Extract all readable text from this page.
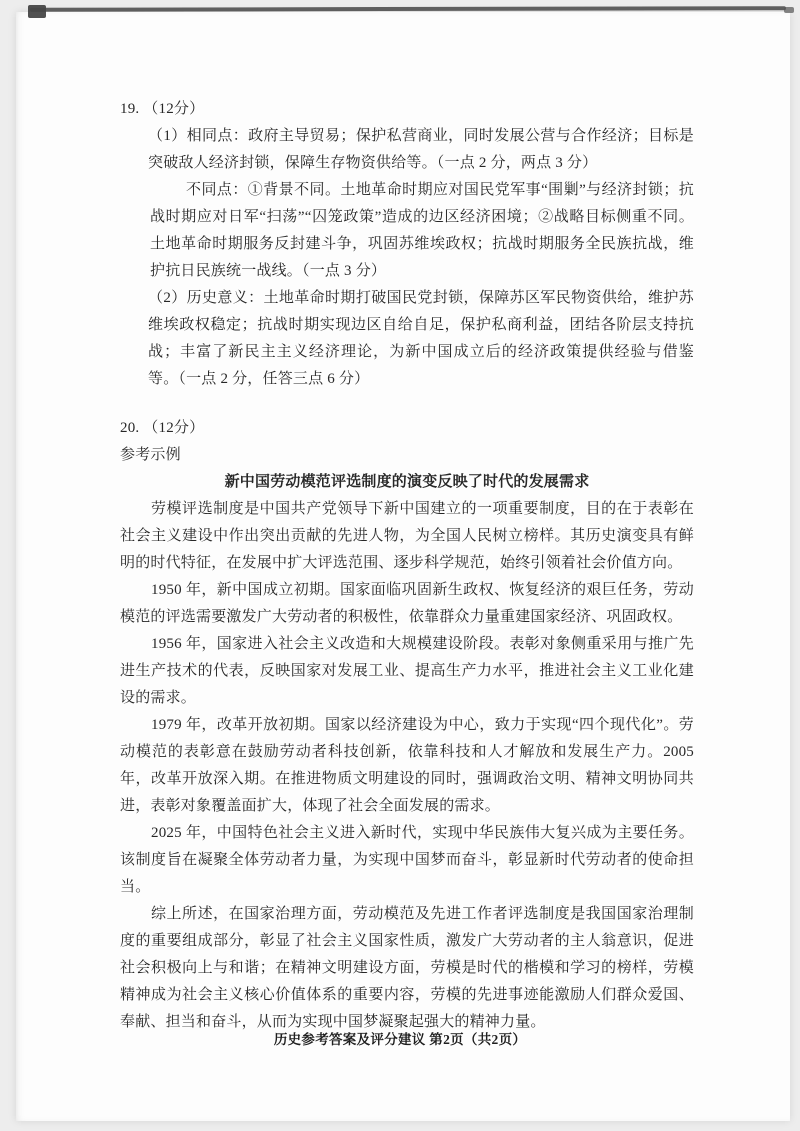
19. （12分）
（1）相同点：政府主导贸易；保护私营商业，同时发展公营与合作经济；目标是突破敌人经济封锁，保障生存物资供给等。（一点 2 分，两点 3 分）
不同点：①背景不同。土地革命时期应对国民党军事“围剿”与经济封锁；抗战时期应对日军“扫荡”“囚笼政策”造成的边区经济困境；②战略目标侧重不同。土地革命时期服务反封建斗争，巩固苏维埃政权；抗战时期服务全民族抗战，维护抗日民族统一战线。（一点 3 分）
（2）历史意义：土地革命时期打破国民党封锁，保障苏区军民物资供给，维护苏维埃政权稳定；抗战时期实现边区自给自足，保护私商利益，团结各阶层支持抗战；丰富了新民主主义经济理论，为新中国成立后的经济政策提供经验与借鉴等。（一点 2 分，任答三点 6 分）
20. （12分）
参考示例
新中国劳动模范评选制度的演变反映了时代的发展需求
劳模评选制度是中国共产党领导下新中国建立的一项重要制度，目的在于表彰在社会主义建设中作出突出贡献的先进人物，为全国人民树立榜样。其历史演变具有鲜明的时代特征，在发展中扩大评选范围、逐步科学规范，始终引领着社会价值方向。
1950 年，新中国成立初期。国家面临巩固新生政权、恢复经济的艰巨任务，劳动模范的评选需要激发广大劳动者的积极性，依靠群众力量重建国家经济、巩固政权。
1956 年，国家进入社会主义改造和大规模建设阶段。表彰对象侧重采用与推广先进生产技术的代表，反映国家对发展工业、提高生产力水平，推进社会主义工业化建设的需求。
1979 年，改革开放初期。国家以经济建设为中心，致力于实现“四个现代化”。劳动模范的表彰意在鼓励劳动者科技创新，依靠科技和人才解放和发展生产力。2005 年，改革开放深入期。在推进物质文明建设的同时，强调政治文明、精神文明协同共进，表彰对象覆盖面扩大，体现了社会全面发展的需求。
2025 年，中国特色社会主义进入新时代，实现中华民族伟大复兴成为主要任务。该制度旨在凝聚全体劳动者力量，为实现中国梦而奋斗，彰显新时代劳动者的使命担当。
综上所述，在国家治理方面，劳动模范及先进工作者评选制度是我国国家治理制度的重要组成部分，彰显了社会主义国家性质，激发广大劳动者的主人翁意识，促进社会积极向上与和谐；在精神文明建设方面，劳模是时代的楷模和学习的榜样，劳模精神成为社会主义核心价值体系的重要内容，劳模的先进事迹能激励人们群众爱国、奉献、担当和奋斗，从而为实现中国梦凝聚起强大的精神力量。
历史参考答案及评分建议 第2页（共2页）
